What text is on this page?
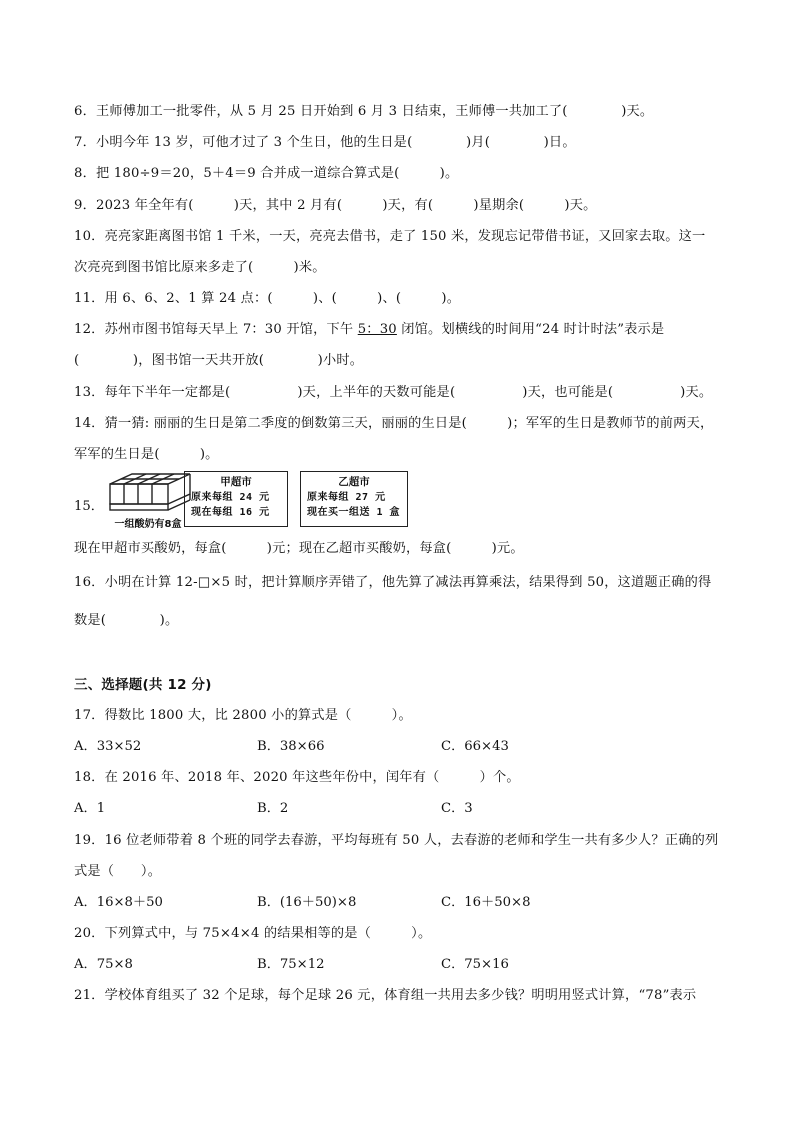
6．王师傅加工一批零件，从 5 月 25 日开始到 6 月 3 日结束，王师傅一共加工了(　　　　)天。
7．小明今年 13 岁，可他才过了 3 个生日，他的生日是(　　　　)月(　　　　)日。
8．把 180÷9＝20，5＋4＝9 合并成一道综合算式是(　　　)。
9．2023 年全年有(　　　)天，其中 2 月有(　　　)天，有(　　　)星期余(　　　)天。
10．亮亮家距离图书馆 1 千米，一天，亮亮去借书，走了 150 米，发现忘记带借书证，又回家去取。这一
次亮亮到图书馆比原来多走了(　　　)米。
11．用 6、6、2、1 算 24 点：(　　　)、(　　　)、(　　　)。
12．苏州市图书馆每天早上 7：30 开馆，下午 5：30 闭馆。划横线的时间用“24 时计时法”表示是
(　　　　)，图书馆一天共开放(　　　　)小时。
13．每年下半年一定都是(　　　　　)天，上半年的天数可能是(　　　　　)天，也可能是(　　　　　)天。
14．猜一猜: 丽丽的生日是第二季度的倒数第三天，丽丽的生日是(　　　)；军军的生日是教师节的前两天，
军军的生日是(　　　)。
15．
一组酸奶有8盒
甲超市
原来每组 24 元
现在每组 16 元
乙超市
原来每组 27 元
现在买一组送 1 盒
现在甲超市买酸奶，每盒(　　　)元；现在乙超市买酸奶，每盒(　　　)元。
16．小明在计算 12-□×5 时，把计算顺序弄错了，他先算了减法再算乘法，结果得到 50，这道题正确的得
数是(　　　　)。
三、选择题(共 12 分)
17．得数比 1800 大，比 2800 小的算式是（　　　）。
A．33×52	B．38×66	C．66×43
18．在 2016 年、2018 年、2020 年这些年份中，闰年有（　　　）个。
A．1	B．2	C．3
19．16 位老师带着 8 个班的同学去春游，平均每班有 50 人，去春游的老师和学生一共有多少人？正确的列
式是（　　）。
A．16×8＋50	B．(16＋50)×8	C．16＋50×8
20．下列算式中，与 75×4×4 的结果相等的是（　　　）。
A．75×8	B．75×12	C．75×16
21．学校体育组买了 32 个足球，每个足球 26 元，体育组一共用去多少钱？明明用竖式计算，“78”表示
